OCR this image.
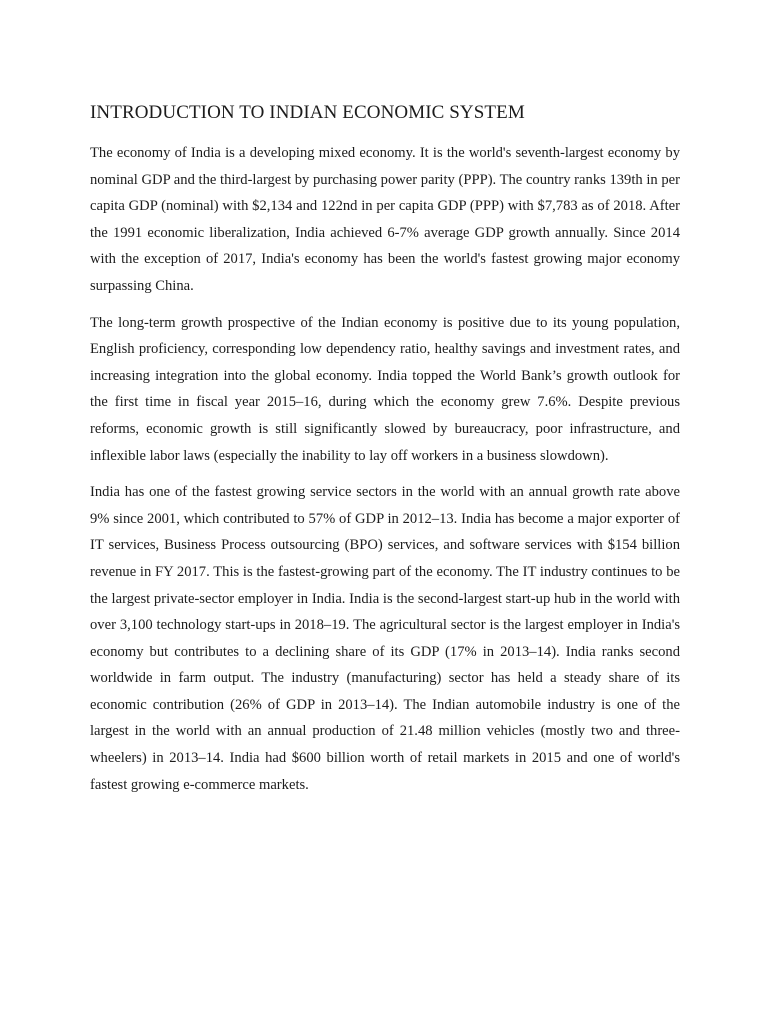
INTRODUCTION TO INDIAN ECONOMIC SYSTEM

The economy of India is a developing mixed economy. It is the world's seventh-largest economy by nominal GDP and the third-largest by purchasing power parity (PPP). The country ranks 139th in per capita GDP (nominal) with $2,134 and 122nd in per capita GDP (PPP) with $7,783 as of 2018. After the 1991 economic liberalization, India achieved 6-7% average GDP growth annually. Since 2014 with the exception of 2017, India's economy has been the world's fastest growing major economy surpassing China.

The long-term growth prospective of the Indian economy is positive due to its young population, English proficiency, corresponding low dependency ratio, healthy savings and investment rates, and increasing integration into the global economy. India topped the World Bank’s growth outlook for the first time in fiscal year 2015–16, during which the economy grew 7.6%. Despite previous reforms, economic growth is still significantly slowed by bureaucracy, poor infrastructure, and inflexible labor laws (especially the inability to lay off workers in a business slowdown).

India has one of the fastest growing service sectors in the world with an annual growth rate above 9% since 2001, which contributed to 57% of GDP in 2012–13. India has become a major exporter of IT services, Business Process outsourcing (BPO) services, and software services with $154 billion revenue in FY 2017. This is the fastest-growing part of the economy. The IT industry continues to be the largest private-sector employer in India. India is the second-largest start-up hub in the world with over 3,100 technology start-ups in 2018–19. The agricultural sector is the largest employer in India's economy but contributes to a declining share of its GDP (17% in 2013–14). India ranks second worldwide in farm output. The industry (manufacturing) sector has held a steady share of its economic contribution (26% of GDP in 2013–14). The Indian automobile industry is one of the largest in the world with an annual production of 21.48 million vehicles (mostly two and three-wheelers) in 2013–14. India had $600 billion worth of retail markets in 2015 and one of world's fastest growing e-commerce markets.
